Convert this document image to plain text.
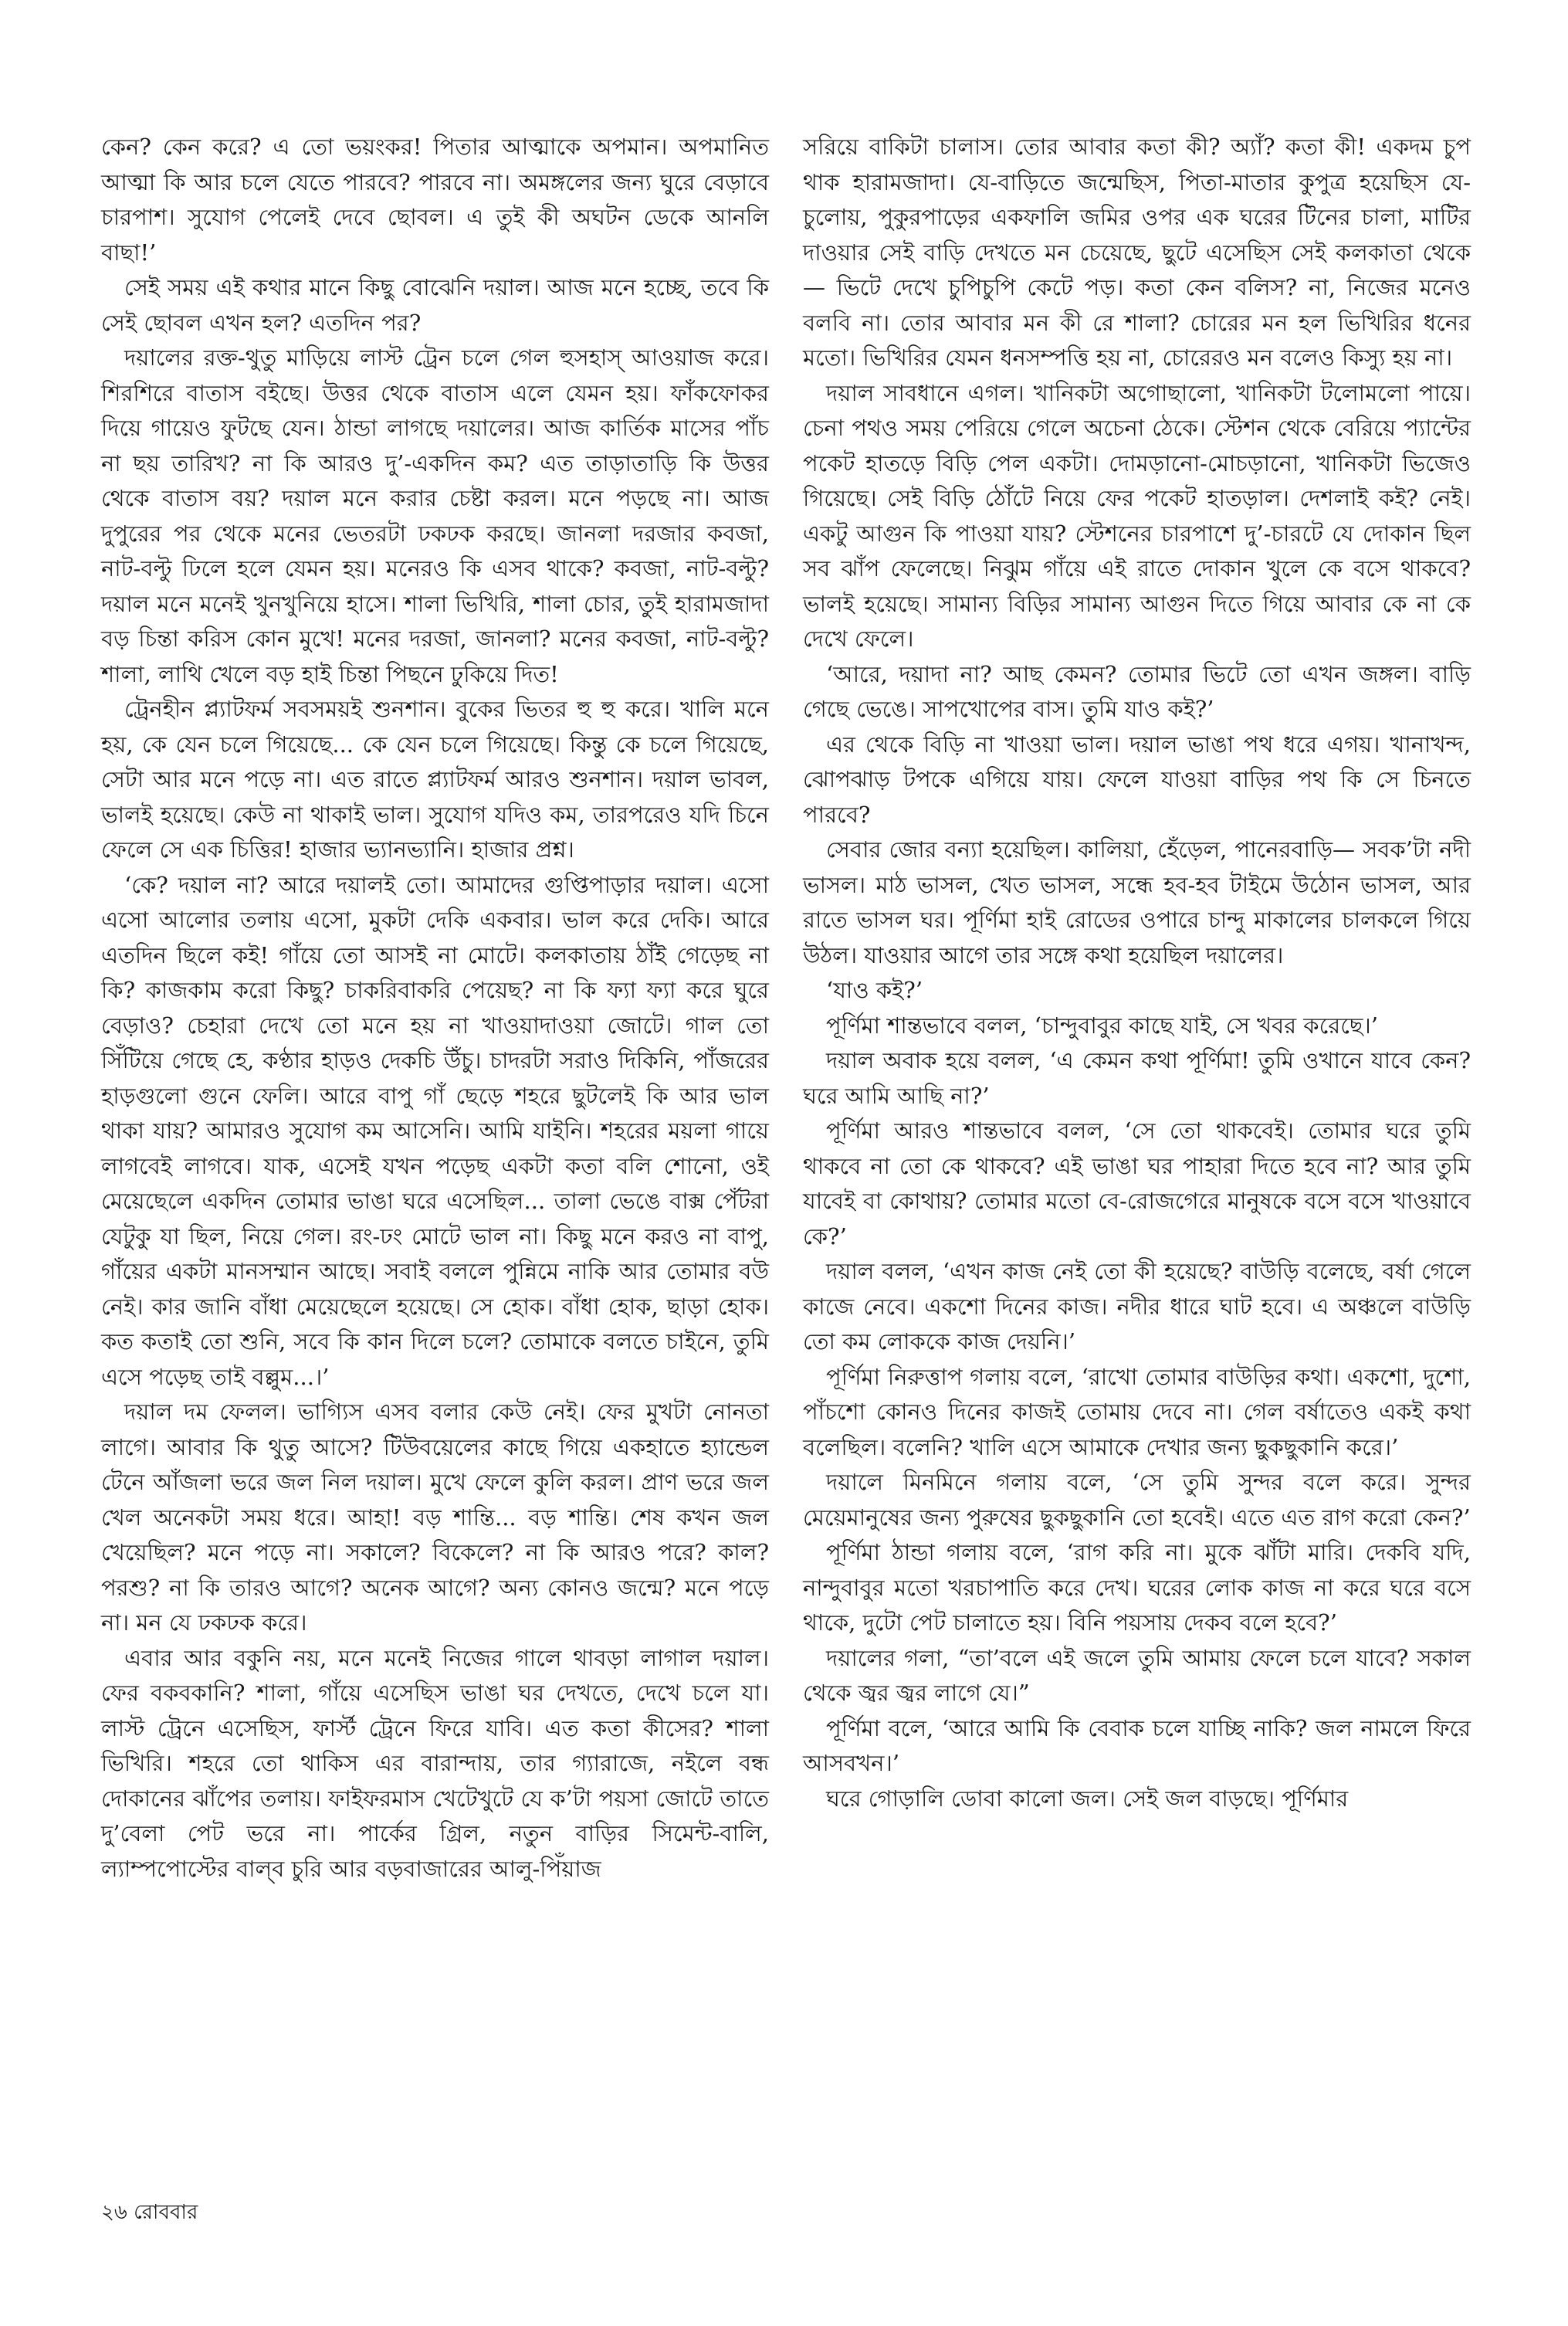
কেন? কেন করে? এ তো ভয়ংকর! পিতার আত্মাকে অপমান। অপমানিত আত্মা কি আর চলে যেতে পারবে? পারবে না। অমঙ্গলের জন্য ঘুরে বেড়াবে চারপাশ। সুযোগ পেলেই দেবে ছোবল। এ তুই কী অঘটন ডেকে আনলি বাছা!’

সেই সময় এই কথার মানে কিছু বোঝেনি দয়াল। আজ মনে হচ্ছে, তবে কি সেই ছোবল এখন হল? এতদিন পর?

দয়ালের রক্ত-থুতু মাড়িয়ে লাস্ট ট্রেন চলে গেল হুসহাস্ আওয়াজ করে। শিরশিরে বাতাস বইছে। উত্তর থেকে বাতাস এলে যেমন হয়। ফাঁকফোকর দিয়ে গায়েও ফুটছে যেন। ঠান্ডা লাগছে দয়ালের। আজ কার্তিক মাসের পাঁচ না ছয় তারিখ? না কি আরও দু’-একদিন কম? এত তাড়াতাড়ি কি উত্তর থেকে বাতাস বয়? দয়াল মনে করার চেষ্টা করল। মনে পড়ছে না। আজ দুপুরের পর থেকে মনের ভেতরটা ঢকঢক করছে। জানলা দরজার কবজা, নাট-বল্টু ঢিলে হলে যেমন হয়। মনেরও কি এসব থাকে? কবজা, নাট-বল্টু? দয়াল মনে মনেই খুনখুনিয়ে হাসে। শালা ভিখিরি, শালা চোর, তুই হারামজাদা বড় চিন্তা করিস কোন মুখে! মনের দরজা, জানলা? মনের কবজা, নাট-বল্টু? শালা, লাথি খেলে বড় হাই চিন্তা পিছনে ঢুকিয়ে দিত!

ট্রেনহীন প্ল্যাটফর্ম সবসময়ই শুনশান। বুকের ভিতর হু হু করে। খালি মনে হয়, কে যেন চলে গিয়েছে... কে যেন চলে গিয়েছে। কিন্তু কে চলে গিয়েছে, সেটা আর মনে পড়ে না। এত রাতে প্ল্যাটফর্ম আরও শুনশান। দয়াল ভাবল, ভালই হয়েছে। কেউ না থাকাই ভাল। সুযোগ যদিও কম, তারপরেও যদি চিনে ফেলে সে এক চিত্তির! হাজার ভ্যানভ্যানি। হাজার প্রশ্ন।

‘কে? দয়াল না? আরে দয়ালই তো। আমাদের গুপ্তিপাড়ার দয়াল। এসো এসো আলোর তলায় এসো, মুকটা দেকি একবার। ভাল করে দেকি। আরে এতদিন ছিলে কই! গাঁয়ে তো আসই না মোটে। কলকাতায় ঠাঁই গেড়েছ না কি? কাজকাম করো কিছু? চাকরিবাকরি পেয়েছ? না কি ফ্যা ফ্যা করে ঘুরে বেড়াও? চেহারা দেখে তো মনে হয় না খাওয়াদাওয়া জোটে। গাল তো সিঁটিয়ে গেছে হে, কণ্ঠার হাড়ও দেকচি উঁচু। চাদরটা সরাও দিকিনি, পাঁজরের হাড়গুলো গুনে ফেলি। আরে বাপু গাঁ ছেড়ে শহরে ছুটলেই কি আর ভাল থাকা যায়? আমারও সুযোগ কম আসেনি। আমি যাইনি। শহরের ময়লা গায়ে লাগবেই লাগবে। যাক, এসেই যখন পড়েছ একটা কতা বলি শোনো, ওই মেয়েছেলে একদিন তোমার ভাঙা ঘরে এসেছিল... তালা ভেঙে বাক্স পেঁটরা যেটুকু যা ছিল, নিয়ে গেল। রং-ঢং মোটে ভাল না। কিছু মনে করও না বাপু, গাঁয়ের একটা মানসম্মান আছে। সবাই বললে পুন্নিমে নাকি আর তোমার বউ নেই। কার জানি বাঁধা মেয়েছেলে হয়েছে। সে হোক। বাঁধা হোক, ছাড়া হোক। কত কতাই তো শুনি, সবে কি কান দিলে চলে? তোমাকে বলতে চাইনে, তুমি এসে পড়েছ তাই বল্লুম...।’

দয়াল দম ফেলল। ভাগ্যিস এসব বলার কেউ নেই। ফের মুখটা নোনতা লাগে। আবার কি থুতু আসে? টিউবয়েলের কাছে গিয়ে একহাতে হ্যান্ডেল টেনে আঁজলা ভরে জল নিল দয়াল। মুখে ফেলে কুলি করল। প্রাণ ভরে জল খেল অনেকটা সময় ধরে। আহা! বড় শান্তি... বড় শান্তি। শেষ কখন জল খেয়েছিল? মনে পড়ে না। সকালে? বিকেলে? না কি আরও পরে? কাল? পরশু? না কি তারও আগে? অনেক আগে? অন্য কোনও জন্মে? মনে পড়ে না। মন যে ঢকঢক করে।

এবার আর বকুনি নয়, মনে মনেই নিজের গালে থাবড়া লাগাল দয়াল। ফের বকবকানি? শালা, গাঁয়ে এসেছিস ভাঙা ঘর দেখতে, দেখে চলে যা। লাস্ট ট্রেনে এসেছিস, ফার্স্ট ট্রেনে ফিরে যাবি। এত কতা কীসের? শালা ভিখিরি। শহরে তো থাকিস এর বারান্দায়, তার গ্যারাজে, নইলে বন্ধ দোকানের ঝাঁপের তলায়। ফাইফরমাস খেটেখুটে যে ক’টা পয়সা জোটে তাতে দু’বেলা পেট ভরে না। পার্কের গ্রিল, নতুন বাড়ির সিমেন্ট-বালি, ল্যাম্পপোস্টের বাল্‌ব চুরি আর বড়বাজারের আলু-পিঁয়াজ

সরিয়ে বাকিটা চালাস। তোর আবার কতা কী? অ্যাঁ? কতা কী! একদম চুপ থাক হারামজাদা। যে-বাড়িতে জন্মেছিস, পিতা-মাতার কুপুত্র হয়েছিস যে-চুলোয়, পুকুরপাড়ের একফালি জমির ওপর এক ঘরের টিনের চালা, মাটির দাওয়ার সেই বাড়ি দেখতে মন চেয়েছে, ছুটে এসেছিস সেই কলকাতা থেকে— ভিটে দেখে চুপিচুপি কেটে পড়। কতা কেন বলিস? না, নিজের মনেও বলবি না। তোর আবার মন কী রে শালা? চোরের মন হল ভিখিরির ধনের মতো। ভিখিরির যেমন ধনসম্পত্তি হয় না, চোরেরও মন বলেও কিস্যু হয় না।

দয়াল সাবধানে এগল। খানিকটা অগোছালো, খানিকটা টলোমলো পায়ে। চেনা পথও সময় পেরিয়ে গেলে অচেনা ঠেকে। স্টেশন থেকে বেরিয়ে প্যান্টের পকেট হাতড়ে বিড়ি পেল একটা। দোমড়ানো-মোচড়ানো, খানিকটা ভিজেও গিয়েছে। সেই বিড়ি ঠোঁটে নিয়ে ফের পকেট হাতড়াল। দেশলাই কই? নেই। একটু আগুন কি পাওয়া যায়? স্টেশনের চারপাশে দু’-চারটে যে দোকান ছিল সব ঝাঁপ ফেলেছে। নিঝুম গাঁয়ে এই রাতে দোকান খুলে কে বসে থাকবে? ভালই হয়েছে। সামান্য বিড়ির সামান্য আগুন দিতে গিয়ে আবার কে না কে দেখে ফেলে।

‘আরে, দয়াদা না? আছ কেমন? তোমার ভিটে তো এখন জঙ্গল। বাড়ি গেছে ভেঙে। সাপখোপের বাস। তুমি যাও কই?’

এর থেকে বিড়ি না খাওয়া ভাল। দয়াল ভাঙা পথ ধরে এগয়। খানাখন্দ, ঝোপঝাড় টপকে এগিয়ে যায়। ফেলে যাওয়া বাড়ির পথ কি সে চিনতে পারবে?

সেবার জোর বন্যা হয়েছিল। কালিয়া, হেঁড়েল, পানেরবাড়ি— সবক’টা নদী ভাসল। মাঠ ভাসল, খেত ভাসল, সন্ধে হব-হব টাইমে উঠোন ভাসল, আর রাতে ভাসল ঘর। পূর্ণিমা হাই রোডের ওপারে চান্দু মাকালের চালকলে গিয়ে উঠল। যাওয়ার আগে তার সঙ্গে কথা হয়েছিল দয়ালের।

‘যাও কই?’

পূর্ণিমা শান্তভাবে বলল, ‘চান্দুবাবুর কাছে যাই, সে খবর করেছে।’

দয়াল অবাক হয়ে বলল, ‘এ কেমন কথা পূর্ণিমা! তুমি ওখানে যাবে কেন? ঘরে আমি আছি না?’

পূর্ণিমা আরও শান্তভাবে বলল, ‘সে তো থাকবেই। তোমার ঘরে তুমি থাকবে না তো কে থাকবে? এই ভাঙা ঘর পাহারা দিতে হবে না? আর তুমি যাবেই বা কোথায়? তোমার মতো বে-রোজগেরে মানুষকে বসে বসে খাওয়াবে কে?’

দয়াল বলল, ‘এখন কাজ নেই তো কী হয়েছে? বাউড়ি বলেছে, বর্ষা গেলে কাজে নেবে। একশো দিনের কাজ। নদীর ধারে ঘাট হবে। এ অঞ্চলে বাউড়ি তো কম লোককে কাজ দেয়নি।’

পূর্ণিমা নিরুত্তাপ গলায় বলে, ‘রাখো তোমার বাউড়ির কথা। একশো, দুশো, পাঁচশো কোনও দিনের কাজই তোমায় দেবে না। গেল বর্ষাতেও একই কথা বলেছিল। বলেনি? খালি এসে আমাকে দেখার জন্য ছুকছুকানি করে।’

দয়ালে মিনমিনে গলায় বলে, ‘সে তুমি সুন্দর বলে করে। সুন্দর মেয়েমানুষের জন্য পুরুষের ছুকছুকানি তো হবেই। এতে এত রাগ করো কেন?’

পূর্ণিমা ঠান্ডা গলায় বলে, ‘রাগ করি না। মুকে ঝাঁটা মারি। দেকবি যদি, নান্দুবাবুর মতো খরচাপাতি করে দেখ। ঘরের লোক কাজ না করে ঘরে বসে থাকে, দুটো পেট চালাতে হয়। বিনি পয়সায় দেকব বলে হবে?’

দয়ালের গলা, “তা’বলে এই জলে তুমি আমায় ফেলে চলে যাবে? সকাল থেকে জ্বর জ্বর লাগে যে।”

পূর্ণিমা বলে, ‘আরে আমি কি বেবাক চলে যাচ্ছি নাকি? জল নামলে ফিরে আসবখন।’

ঘরে গোড়ালি ডোবা কালো জল। সেই জল বাড়ছে। পূর্ণিমার

২৬ রোববার
